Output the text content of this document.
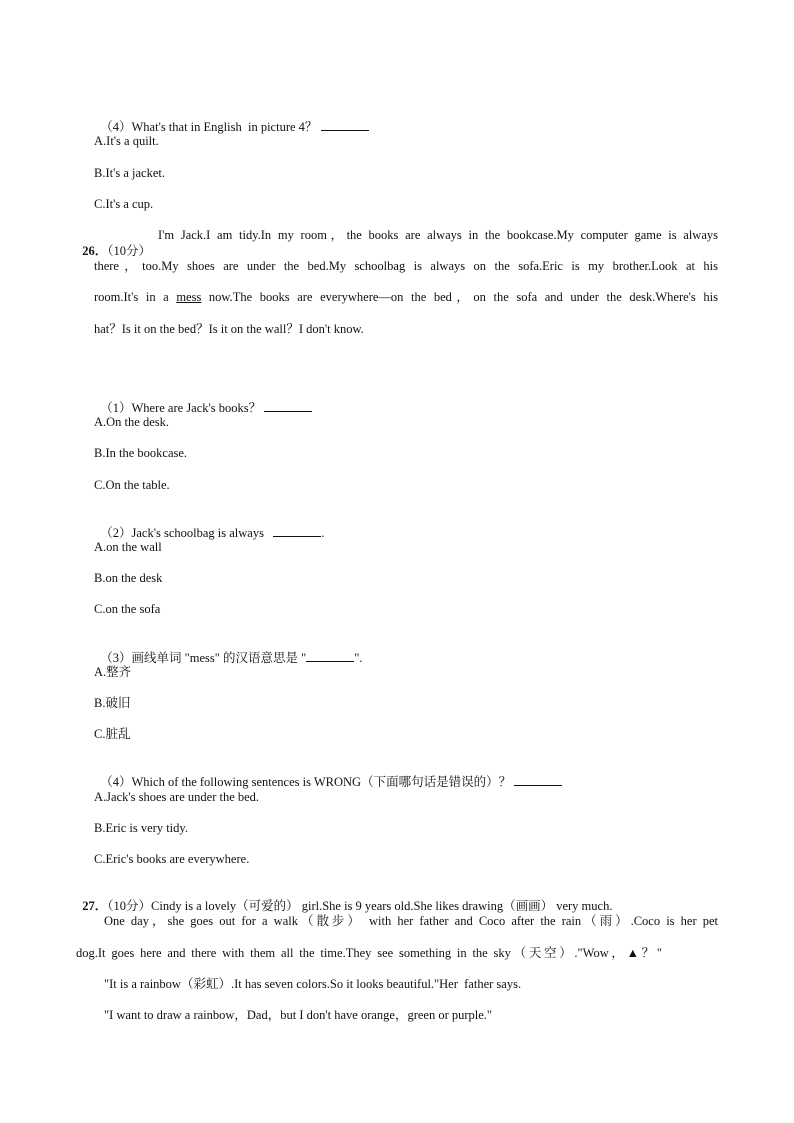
（4）What's that in English  in picture 4？

A.It's a quilt.
B.It's a jacket.
C.It's a cup.

26．（10分）

I'm Jack.I am tidy.In my room，the books are always in the bookcase.My computer game is always
there，too.My shoes are under the bed.My schoolbag is always on the sofa.Eric is my brother.Look at his
room.It's in a mess now.The books are everywhere—on the bed，on the sofa and under the desk.Where's his
hat？Is it on the bed？Is it on the wall？I don't know.

（1）Where are Jack's books？

A.On the desk.
B.In the bookcase.
C.On the table.

（2）Jack's schoolbag is always	.

A.on the wall
B.on the desk
C.on the sofa

（3）画线单词 "mess" 的汉语意思是 "	".

A.整齐
B.破旧
C.脏乱

（4）Which of the following sentences is WRONG（下面哪句话是错误的）？

A.Jack's shoes are under the bed.
B.Eric is very tidy.
C.Eric's books are everywhere.

27．（10分）Cindy is a lovely（可爱的） girl.She is 9 years old.She likes drawing（画画） very much.

One day，she goes out for a walk（散步） with her father and Coco after the rain（雨）.Coco is her pet
dog.It goes here and there with them all the time.They see something in the sky（天空）."Wow，▲？"
"It is a rainbow（彩虹）.It has seven colors.So it looks beautiful."Her  father says.
"I want to draw a rainbow，Dad，but I don't have orange，green or purple."
